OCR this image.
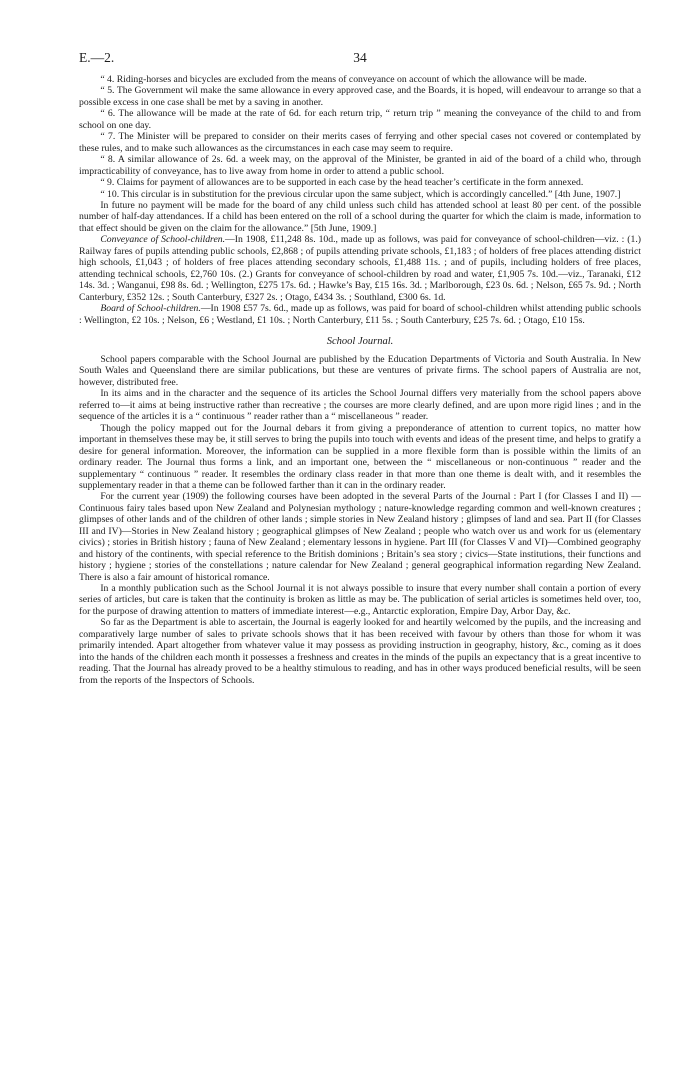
E.—2.	34

“ 4. Riding-horses and bicycles are excluded from the means of conveyance on account of which the allowance will be made.

“ 5. The Government wil make the same allowance in every approved case, and the Boards, it is hoped, will endeavour to arrange so that a possible excess in one case shall be met by a saving in another.

“ 6. The allowance will be made at the rate of 6d. for each return trip, “ return trip ” meaning the conveyance of the child to and from school on one day.

“ 7. The Minister will be prepared to consider on their merits cases of ferrying and other special cases not covered or contemplated by these rules, and to make such allowances as the circumstances in each case may seem to require.

“ 8. A similar allowance of 2s. 6d. a week may, on the approval of the Minister, be granted in aid of the board of a child who, through impracticability of conveyance, has to live away from home in order to attend a public school.

“ 9. Claims for payment of allowances are to be supported in each case by the head teacher’s certificate in the form annexed.

“ 10. This circular is in substitution for the previous circular upon the same subject, which is accordingly cancelled.” [4th June, 1907.]

In future no payment will be made for the board of any child unless such child has attended school at least 80 per cent. of the possible number of half-day attendances. If a child has been entered on the roll of a school during the quarter for which the claim is made, information to that effect should be given on the claim for the allowance.” [5th June, 1909.]

Conveyance of School-children.—In 1908, £11,248 8s. 10d., made up as follows, was paid for conveyance of school-children—viz. : (1.) Railway fares of pupils attending public schools, £2,868 ; of pupils attending private schools, £1,183 ; of holders of free places attending district high schools, £1,043 ; of holders of free places attending secondary schools, £1,488 11s. ; and of pupils, including holders of free places, attending technical schools, £2,760 10s. (2.) Grants for conveyance of school-children by road and water, £1,905 7s. 10d.—viz., Taranaki, £12 14s. 3d. ; Wanganui, £98 8s. 6d. ; Wellington, £275 17s. 6d. ; Hawke’s Bay, £15 16s. 3d. ; Marlborough, £23 0s. 6d. ; Nelson, £65 7s. 9d. ; North Canterbury, £352 12s. ; South Canterbury, £327 2s. ; Otago, £434 3s. ; Southland, £300 6s. 1d.

Board of School-children.—In 1908 £57 7s. 6d., made up as follows, was paid for board of school-children whilst attending public schools : Wellington, £2 10s. ; Nelson, £6 ; Westland, £1 10s. ; North Canterbury, £11 5s. ; South Canterbury, £25 7s. 6d. ; Otago, £10 15s.

School Journal.

School papers comparable with the School Journal are published by the Education Departments of Victoria and South Australia. In New South Wales and Queensland there are similar publications, but these are ventures of private firms. The school papers of Australia are not, however, distributed free.

In its aims and in the character and the sequence of its articles the School Journal differs very materially from the school papers above referred to—it aims at being instructive rather than recreative ; the courses are more clearly defined, and are upon more rigid lines ; and in the sequence of the articles it is a “ continuous ” reader rather than a “ miscellaneous ” reader.

Though the policy mapped out for the Journal debars it from giving a preponderance of attention to current topics, no matter how important in themselves these may be, it still serves to bring the pupils into touch with events and ideas of the present time, and helps to gratify a desire for general information. Moreover, the information can be supplied in a more flexible form than is possible within the limits of an ordinary reader. The Journal thus forms a link, and an important one, between the “ miscellaneous or non-continuous ” reader and the supplementary “ continuous ” reader. It resembles the ordinary class reader in that more than one theme is dealt with, and it resembles the supplementary reader in that a theme can be followed farther than it can in the ordinary reader.

For the current year (1909) the following courses have been adopted in the several Parts of the Journal : Part I (for Classes I and II) — Continuous fairy tales based upon New Zealand and Polynesian mythology ; nature-knowledge regarding common and well-known creatures ; glimpses of other lands and of the children of other lands ; simple stories in New Zealand history ; glimpses of land and sea. Part II (for Classes III and IV)—Stories in New Zealand history ; geographical glimpses of New Zealand ; people who watch over us and work for us (elementary civics) ; stories in British history ; fauna of New Zealand ; elementary lessons in hygiene. Part III (for Classes V and VI)—Combined geography and history of the continents, with special reference to the British dominions ; Britain’s sea story ; civics—State institutions, their functions and history ; hygiene ; stories of the constellations ; nature calendar for New Zealand ; general geographical information regarding New Zealand. There is also a fair amount of historical romance.

In a monthly publication such as the School Journal it is not always possible to insure that every number shall contain a portion of every series of articles, but care is taken that the continuity is broken as little as may be. The publication of serial articles is sometimes held over, too, for the purpose of drawing attention to matters of immediate interest—e.g., Antarctic exploration, Empire Day, Arbor Day, &c.

So far as the Department is able to ascertain, the Journal is eagerly looked for and heartily welcomed by the pupils, and the increasing and comparatively large number of sales to private schools shows that it has been received with favour by others than those for whom it was primarily intended. Apart altogether from whatever value it may possess as providing instruction in geography, history, &c., coming as it does into the hands of the children each month it possesses a freshness and creates in the minds of the pupils an expectancy that is a great incentive to reading. That the Journal has already proved to be a healthy stimulous to reading, and has in other ways produced beneficial results, will be seen from the reports of the Inspectors of Schools.
